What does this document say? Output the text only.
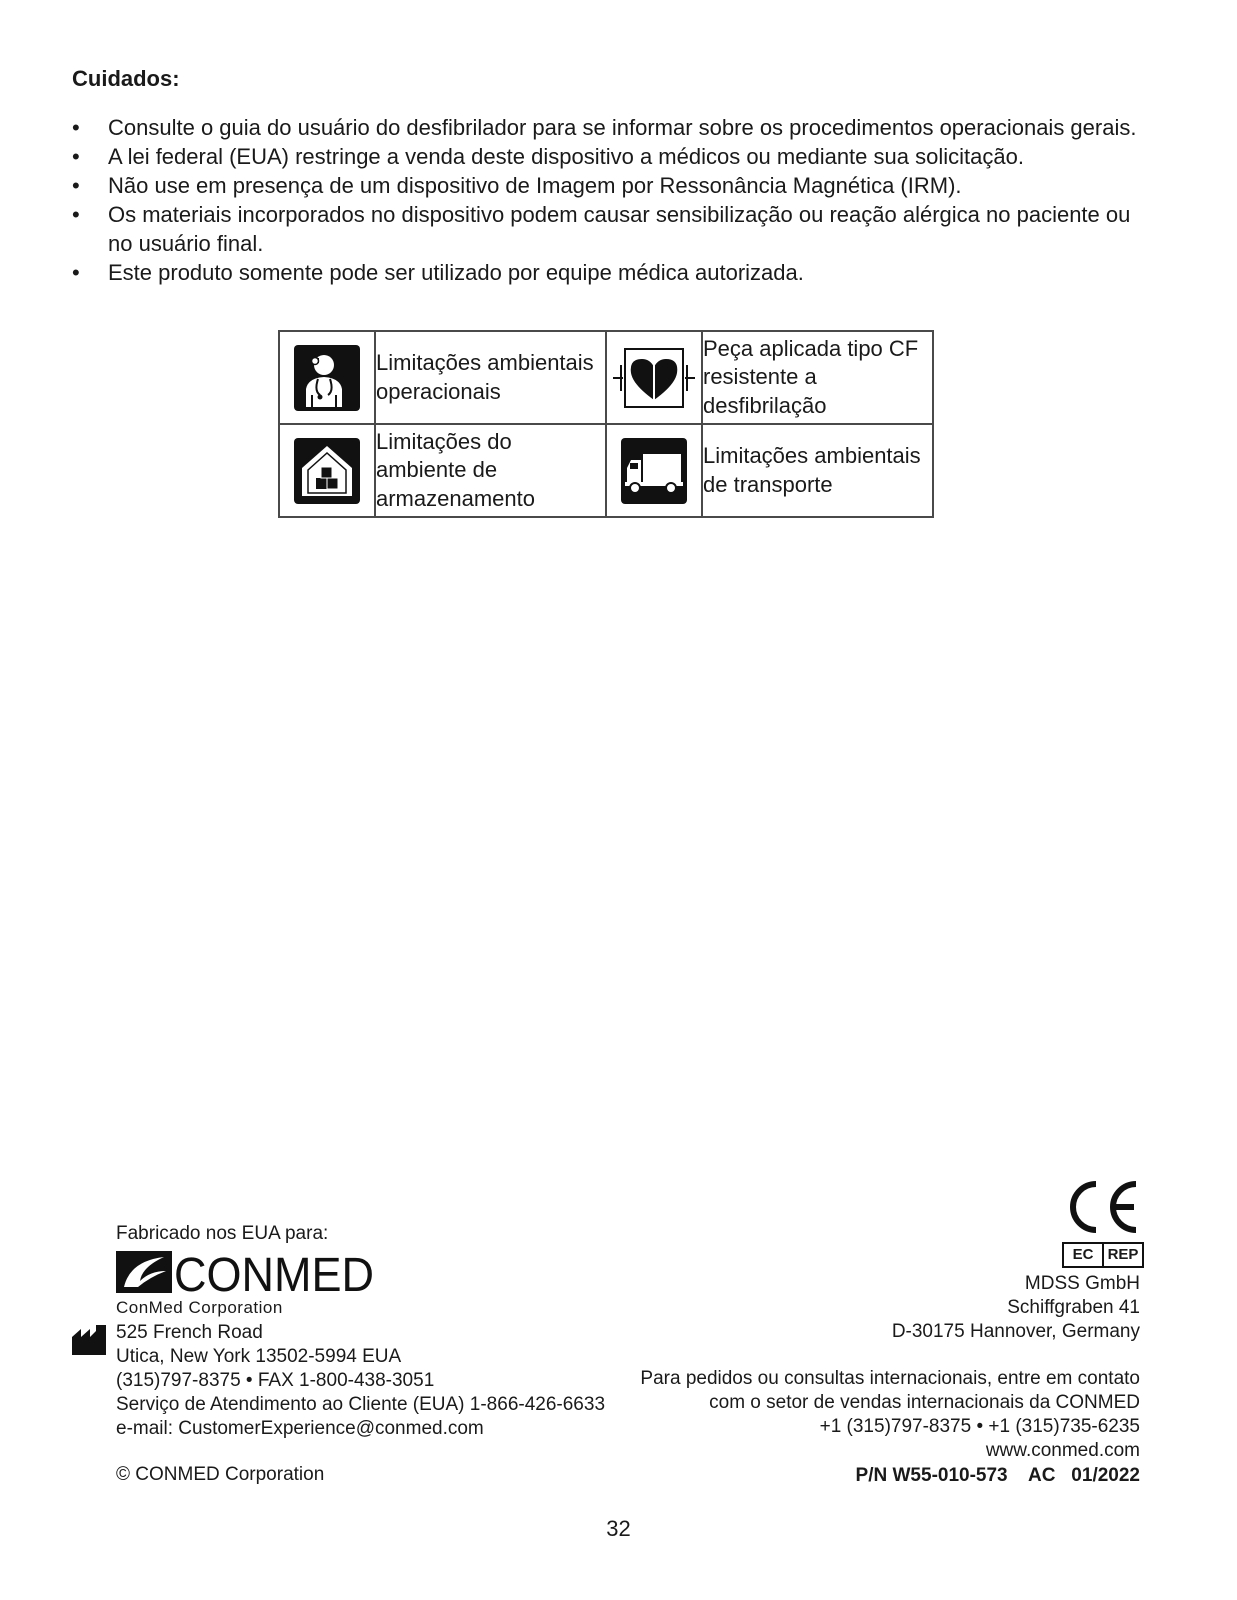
Cuidados:
• Consulte o guia do usuário do desfibrilador para se informar sobre os procedimentos operacionais gerais.
• A lei federal (EUA) restringe a venda deste dispositivo a médicos ou mediante sua solicitação.
• Não use em presença de um dispositivo de Imagem por Ressonância Magnética (IRM).
• Os materiais incorporados no dispositivo podem causar sensibilização ou reação alérgica no paciente ou no usuário final.
• Este produto somente pode ser utilizado por equipe médica autorizada.
	Limitações ambientais operacionais		Peça aplicada tipo CF resistente a desfibrilação
	Limitações do ambiente de armazenamento		Limitações ambientais de transporte
Fabricado nos EUA para:
CONMED
ConMed Corporation
525 French Road
Utica, New York 13502-5994 EUA
(315)797-8375 • FAX 1-800-438-3051
Serviço de Atendimento ao Cliente (EUA) 1-866-426-6633
e-mail: CustomerExperience@conmed.com
© CONMED Corporation
EC REP
MDSS GmbH
Schiffgraben 41
D-30175 Hannover, Germany
Para pedidos ou consultas internacionais, entre em contato
com o setor de vendas internacionais da CONMED
+1 (315)797-8375 • +1 (315)735-6235
www.conmed.com
P/N W55-010-573    AC   01/2022
32
